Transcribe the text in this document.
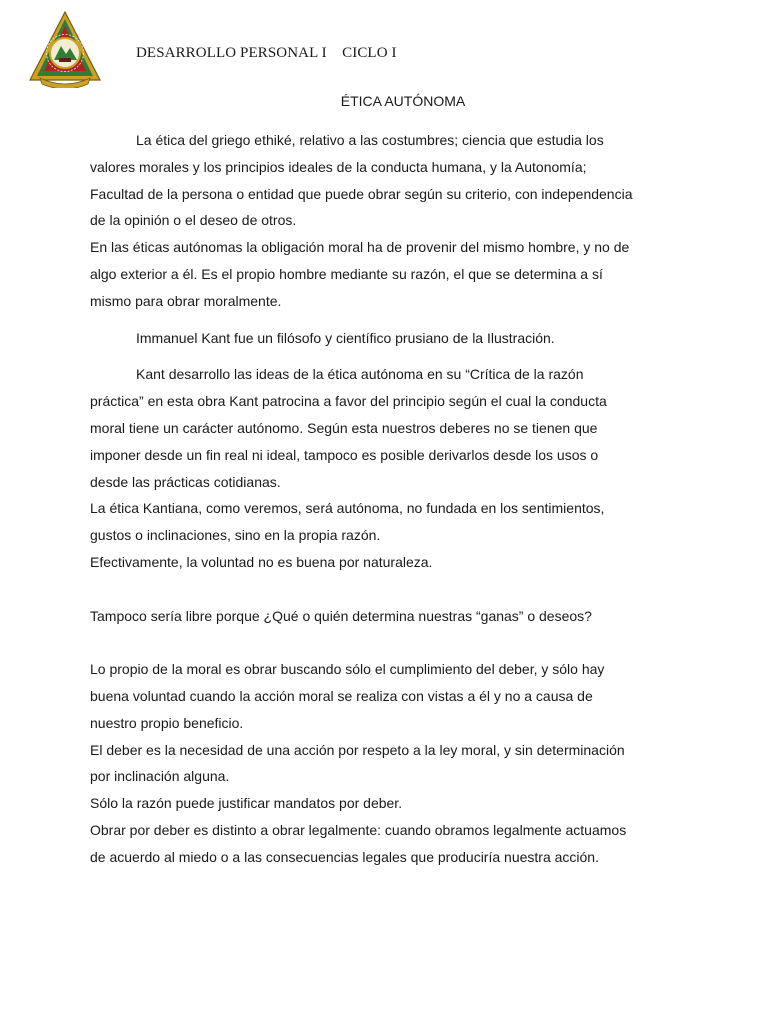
DESARROLLO PERSONAL I    CICLO I
ÉTICA AUTÓNOMA

La ética del griego ethiké, relativo a las costumbres; ciencia que estudia los

valores morales y los principios ideales de la conducta humana, y la Autonomía;

Facultad de la persona o entidad que puede obrar según su criterio, con independencia

de la opinión o el deseo de otros.

En las éticas autónomas la obligación moral ha de provenir del mismo hombre, y no de

algo exterior a él. Es el propio hombre mediante su razón, el que se determina a sí

mismo para obrar moralmente.

Immanuel Kant fue un filósofo y científico prusiano de la Ilustración.

Kant desarrollo las ideas de la ética autónoma en su “Crítica de la razón

práctica” en esta obra Kant patrocina a favor del principio según el cual la conducta

moral tiene un carácter autónomo. Según esta nuestros deberes no se tienen que

imponer desde un fin real ni ideal, tampoco es posible derivarlos desde los usos o

desde las prácticas cotidianas.

La ética Kantiana, como veremos, será autónoma, no fundada en los sentimientos,

gustos o inclinaciones, sino en la propia razón.

Efectivamente, la voluntad no es buena por naturaleza.

Tampoco sería libre porque ¿Qué o quién determina nuestras “ganas” o deseos?

Lo propio de la moral es obrar buscando sólo el cumplimiento del deber, y sólo hay

buena voluntad cuando la acción moral se realiza con vistas a él y no a causa de

nuestro propio beneficio.

El deber es la necesidad de una acción por respeto a la ley moral, y sin determinación

por inclinación alguna.

Sólo la razón puede justificar mandatos por deber.

Obrar por deber es distinto a obrar legalmente: cuando obramos legalmente actuamos

de acuerdo al miedo o a las consecuencias legales que produciría nuestra acción.
